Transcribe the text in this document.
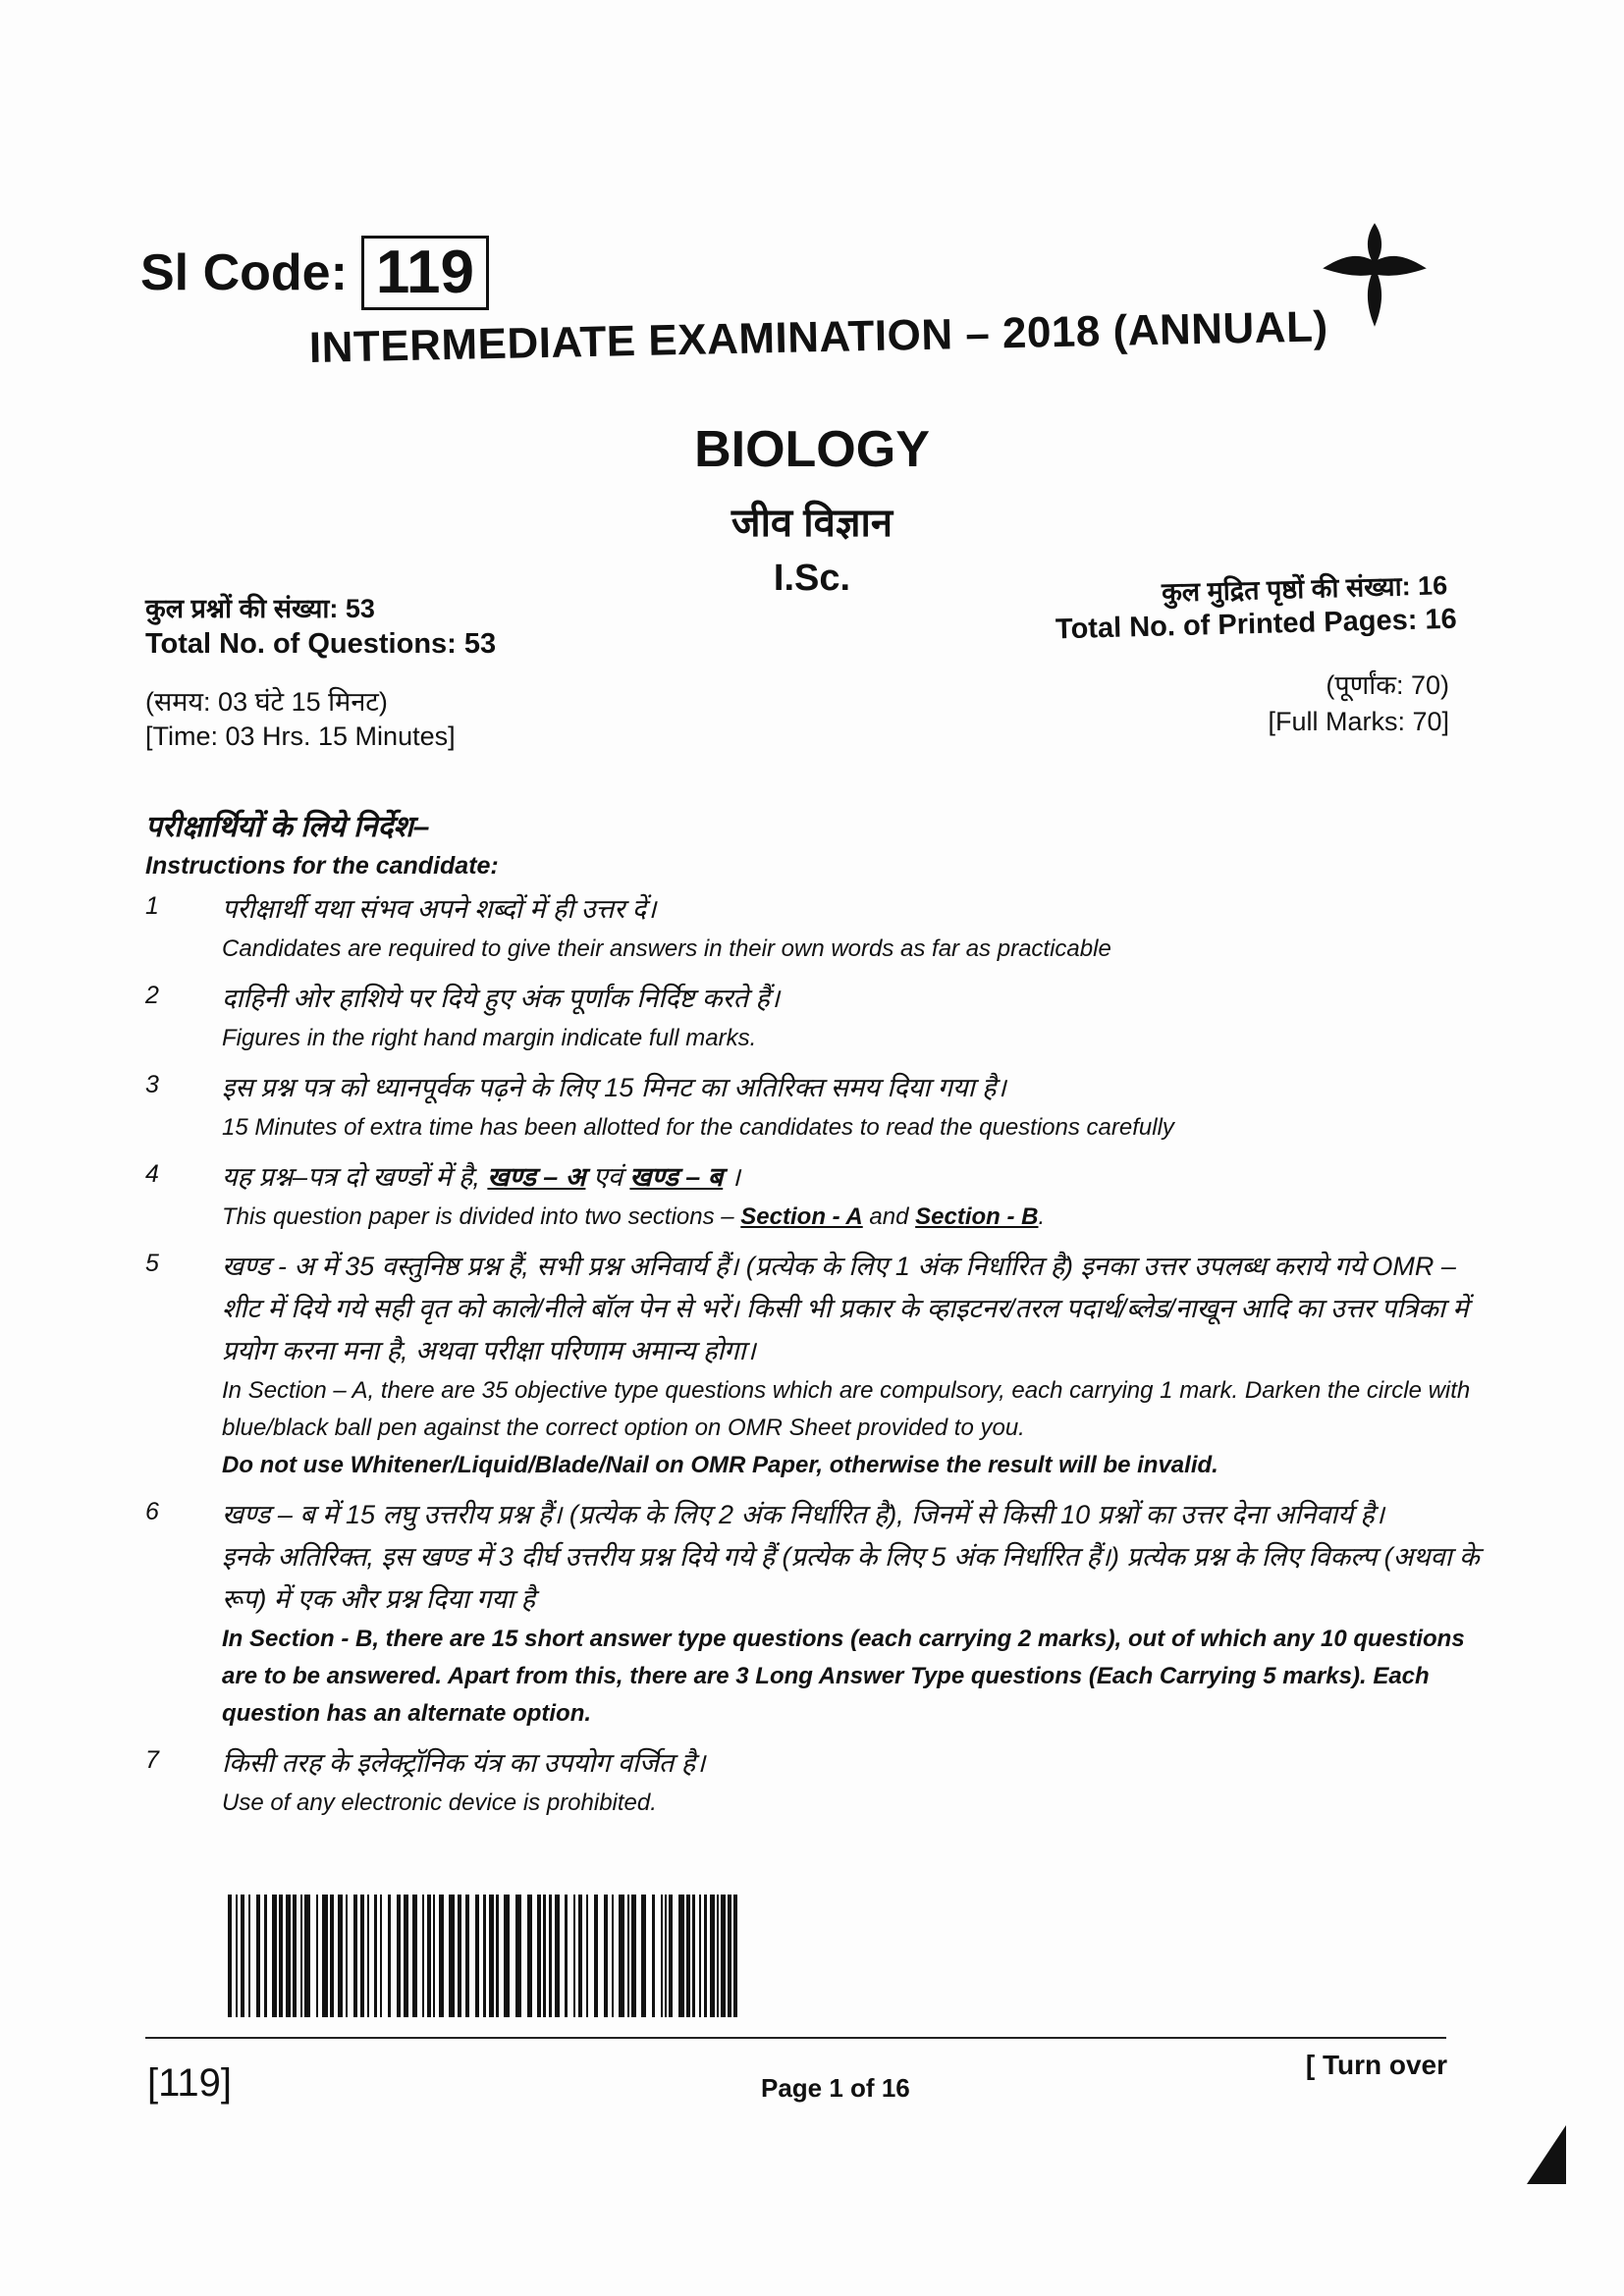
Sl Code: 119
INTERMEDIATE EXAMINATION – 2018 (ANNUAL)
BIOLOGY
जीव विज्ञान
I.Sc.
कुल प्रश्नों की संख्या: 53
Total No. of Questions: 53
(समय: 03 घंटे 15 मिनट)
[Time: 03 Hrs. 15 Minutes]
कुल मुद्रित पृष्ठों की संख्या: 16
Total No. of Printed Pages: 16
(पूर्णांक: 70)
[Full Marks: 70]
परीक्षार्थियों के लिये निर्देश–
Instructions for the candidate:
1	परीक्षार्थी यथा संभव अपने शब्दों में ही उत्तर दें।
Candidates are required to give their answers in their own words as far as practicable
2	दाहिनी ओर हाशिये पर दिये हुए अंक पूर्णांक निर्दिष्ट करते हैं।
Figures in the right hand margin indicate full marks.
3	इस प्रश्न पत्र को ध्यानपूर्वक पढ़ने के लिए 15 मिनट का अतिरिक्त समय दिया गया है।
15 Minutes of extra time has been allotted for the candidates to read the questions carefully
4	यह प्रश्न–पत्र दो खण्डों में है, खण्ड – अ एवं खण्ड – ब ।
This question paper is divided into two sections – Section - A and Section - B.
5	खण्ड - अ में 35 वस्तुनिष्ठ प्रश्न हैं, सभी प्रश्न अनिवार्य हैं। (प्रत्येक के लिए 1 अंक निर्धारित है) इनका उत्तर उपलब्ध कराये गये OMR – शीट में दिये गये सही वृत को काले/नीले बॉल पेन से भरें। किसी भी प्रकार के व्हाइटनर/तरल पदार्थ/ब्लेड/नाखून आदि का उत्तर पत्रिका में प्रयोग करना मना है, अथवा परीक्षा परिणाम अमान्य होगा।
In Section – A, there are 35 objective type questions which are compulsory, each carrying 1 mark. Darken the circle with blue/black ball pen against the correct option on OMR Sheet provided to you.
Do not use Whitener/Liquid/Blade/Nail on OMR Paper, otherwise the result will be invalid.
6	खण्ड – ब में 15 लघु उत्तरीय प्रश्न हैं। (प्रत्येक के लिए 2 अंक निर्धारित है), जिनमें से किसी 10 प्रश्नों का उत्तर देना अनिवार्य है।
इनके अतिरिक्त, इस खण्ड में 3 दीर्घ उत्तरीय प्रश्न दिये गये हैं (प्रत्येक के लिए 5 अंक निर्धारित हैं।) प्रत्येक प्रश्न के लिए विकल्प (अथवा के रूप) में एक और प्रश्न दिया गया है
In Section - B, there are 15 short answer type questions (each carrying 2 marks), out of which any 10 questions are to be answered. Apart from this, there are 3 Long Answer Type questions (Each Carrying 5 marks). Each question has an alternate option.
7	किसी तरह के इलेक्ट्रॉनिक यंत्र का उपयोग वर्जित है।
Use of any electronic device is prohibited.
[119]	Page 1 of 16
[ Turn over
